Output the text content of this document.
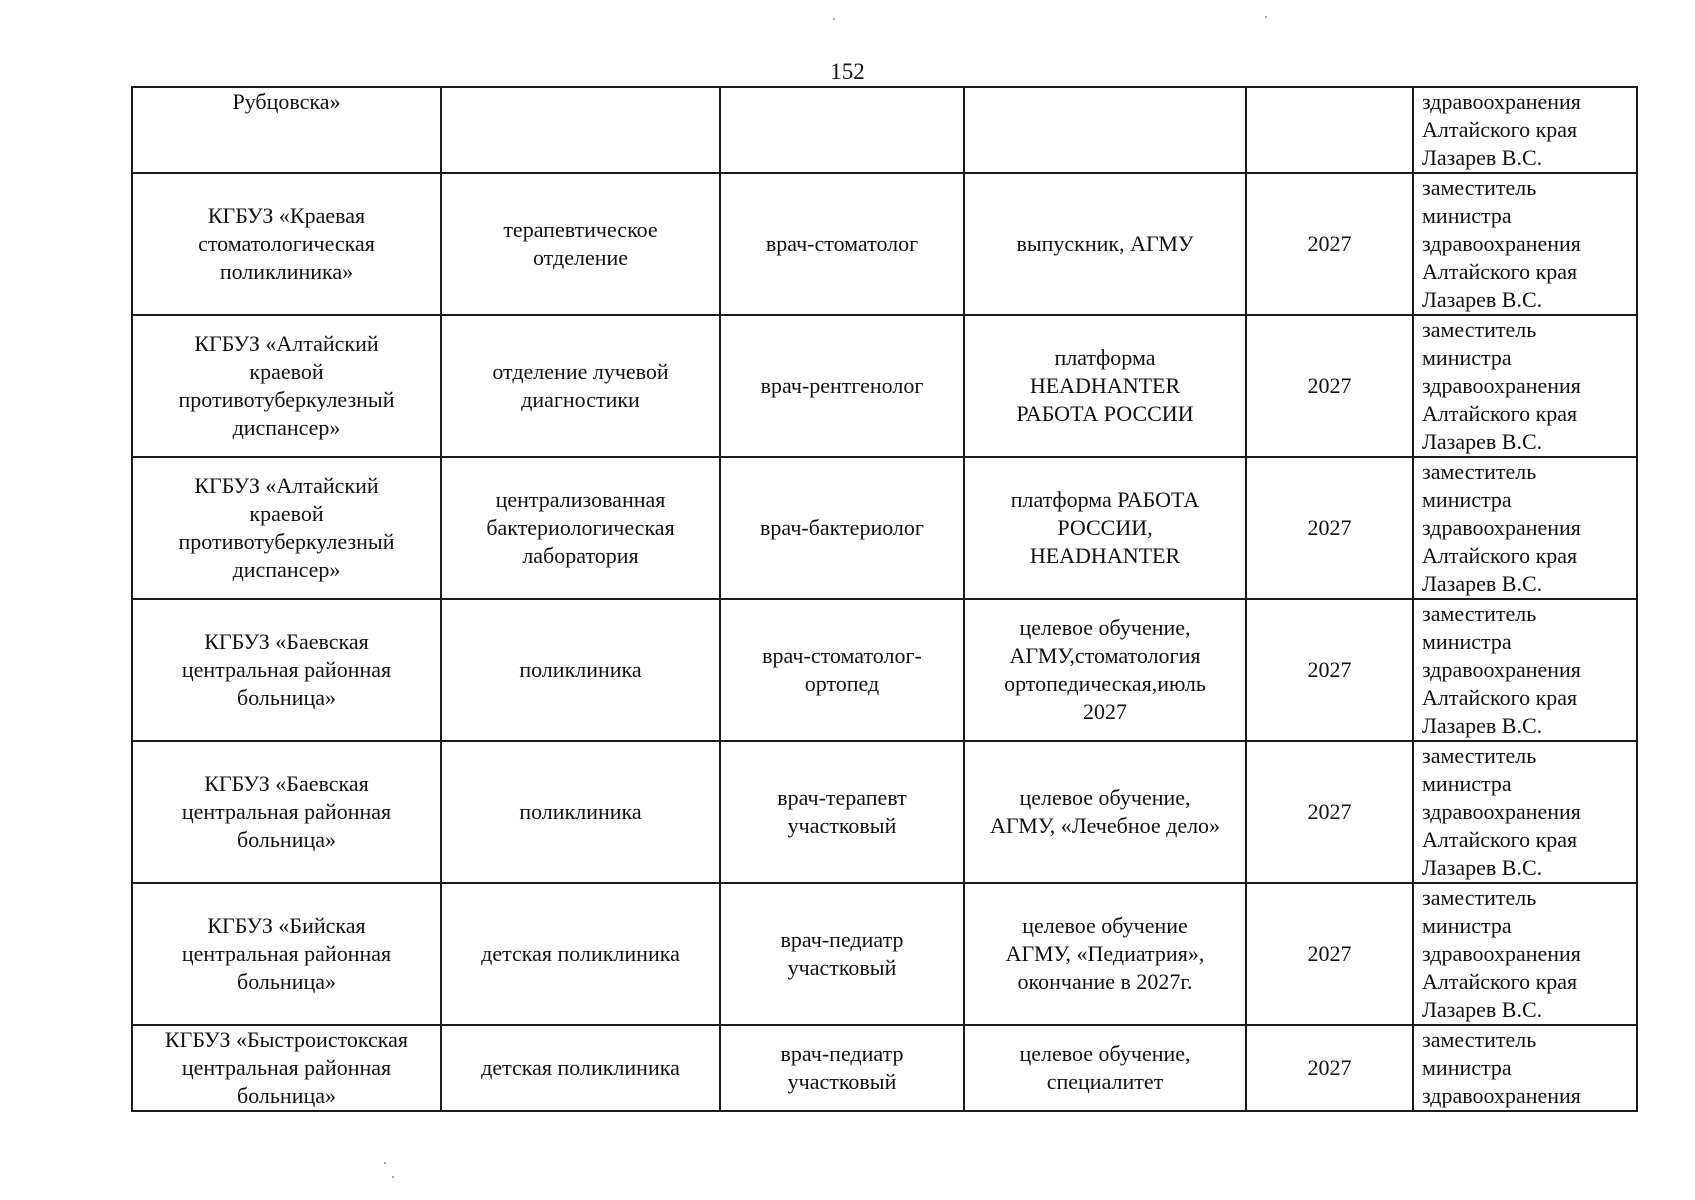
152
Рубцовска»					здравоохранения
Алтайского края
Лазарев В.С.

КГБУЗ «Краевая
стоматологическая
поликлиника»	терапевтическое
отделение	врач-стоматолог	выпускник, АГМУ	2027	заместитель
министра
здравоохранения
Алтайского края
Лазарев В.С.

КГБУЗ «Алтайский
краевой
противотуберкулезный
диспансер»	отделение лучевой
диагностики	врач-рентгенолог	платформа
HEADHANTER
РАБОТА РОССИИ	2027	заместитель
министра
здравоохранения
Алтайского края
Лазарев В.С.

КГБУЗ «Алтайский
краевой
противотуберкулезный
диспансер»	централизованная
бактериологическая
лаборатория	врач-бактериолог	платформа РАБОТА
РОССИИ,
HEADHANTER	2027	заместитель
министра
здравоохранения
Алтайского края
Лазарев В.С.

КГБУЗ «Баевская
центральная районная
больница»	поликлиника	врач-стоматолог-
ортопед	целевое обучение,
АГМУ,стоматология
ортопедическая,июль
2027	2027	заместитель
министра
здравоохранения
Алтайского края
Лазарев В.С.

КГБУЗ «Баевская
центральная районная
больница»	поликлиника	врач-терапевт
участковый	целевое обучение,
АГМУ, «Лечебное дело»	2027	заместитель
министра
здравоохранения
Алтайского края
Лазарев В.С.

КГБУЗ «Бийская
центральная районная
больница»	детская поликлиника	врач-педиатр
участковый	целевое обучение
АГМУ, «Педиатрия»,
окончание в 2027г.	2027	заместитель
министра
здравоохранения
Алтайского края
Лазарев В.С.

КГБУЗ «Быстроистокская
центральная районная
больница»	детская поликлиника	врач-педиатр
участковый	целевое обучение,
специалитет	2027	заместитель
министра
здравоохранения
